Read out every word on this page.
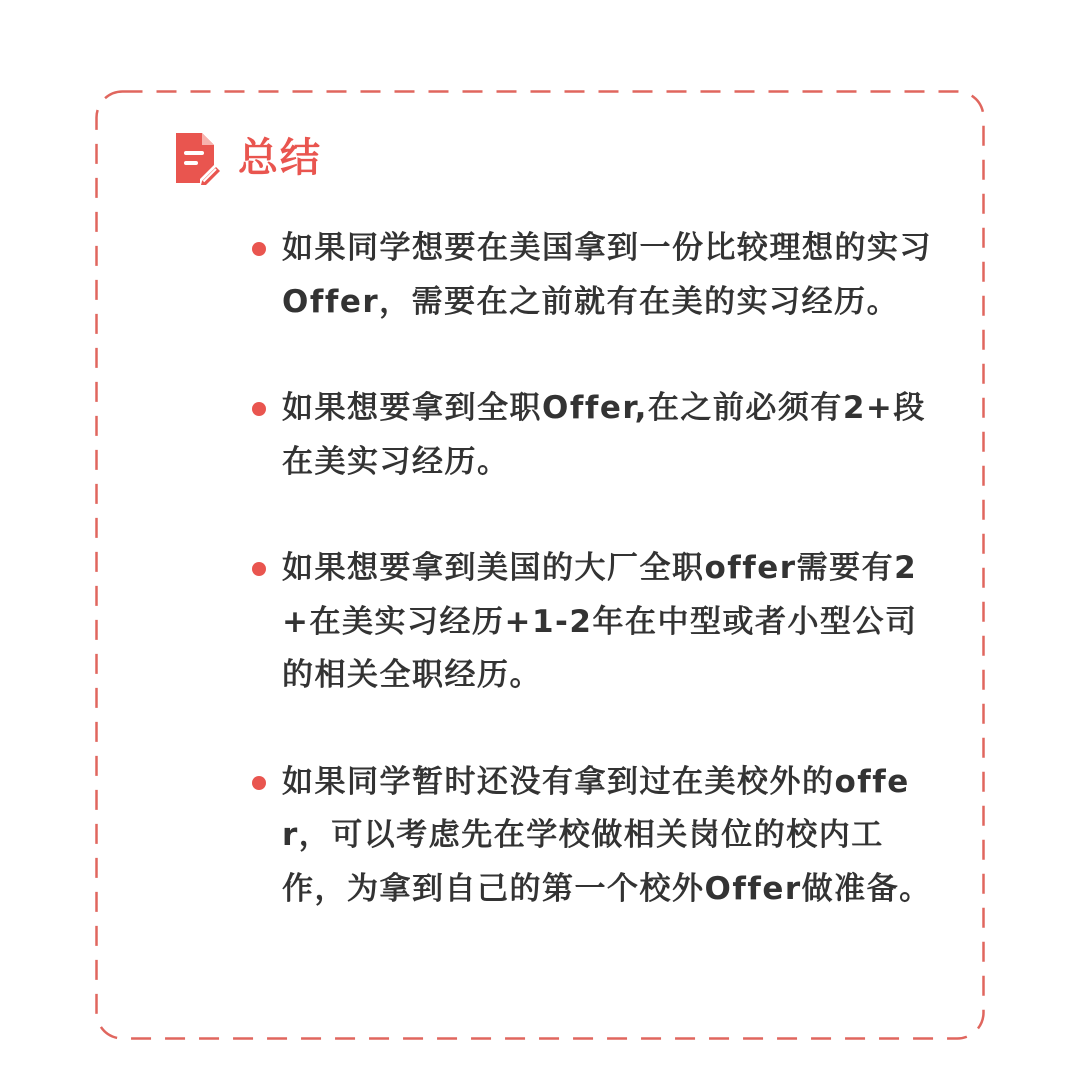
总结
如果同学想要在美国拿到一份比较理想的实习Offer，需要在之前就有在美的实习经历。
如果想要拿到全职Offer,在之前必须有2+段在美实习经历。
如果想要拿到美国的大厂全职offer需要有2+在美实习经历+1-2年在中型或者小型公司的相关全职经历。
如果同学暂时还没有拿到过在美校外的offer，可以考虑先在学校做相关岗位的校内工作，为拿到自己的第一个校外Offer做准备。
